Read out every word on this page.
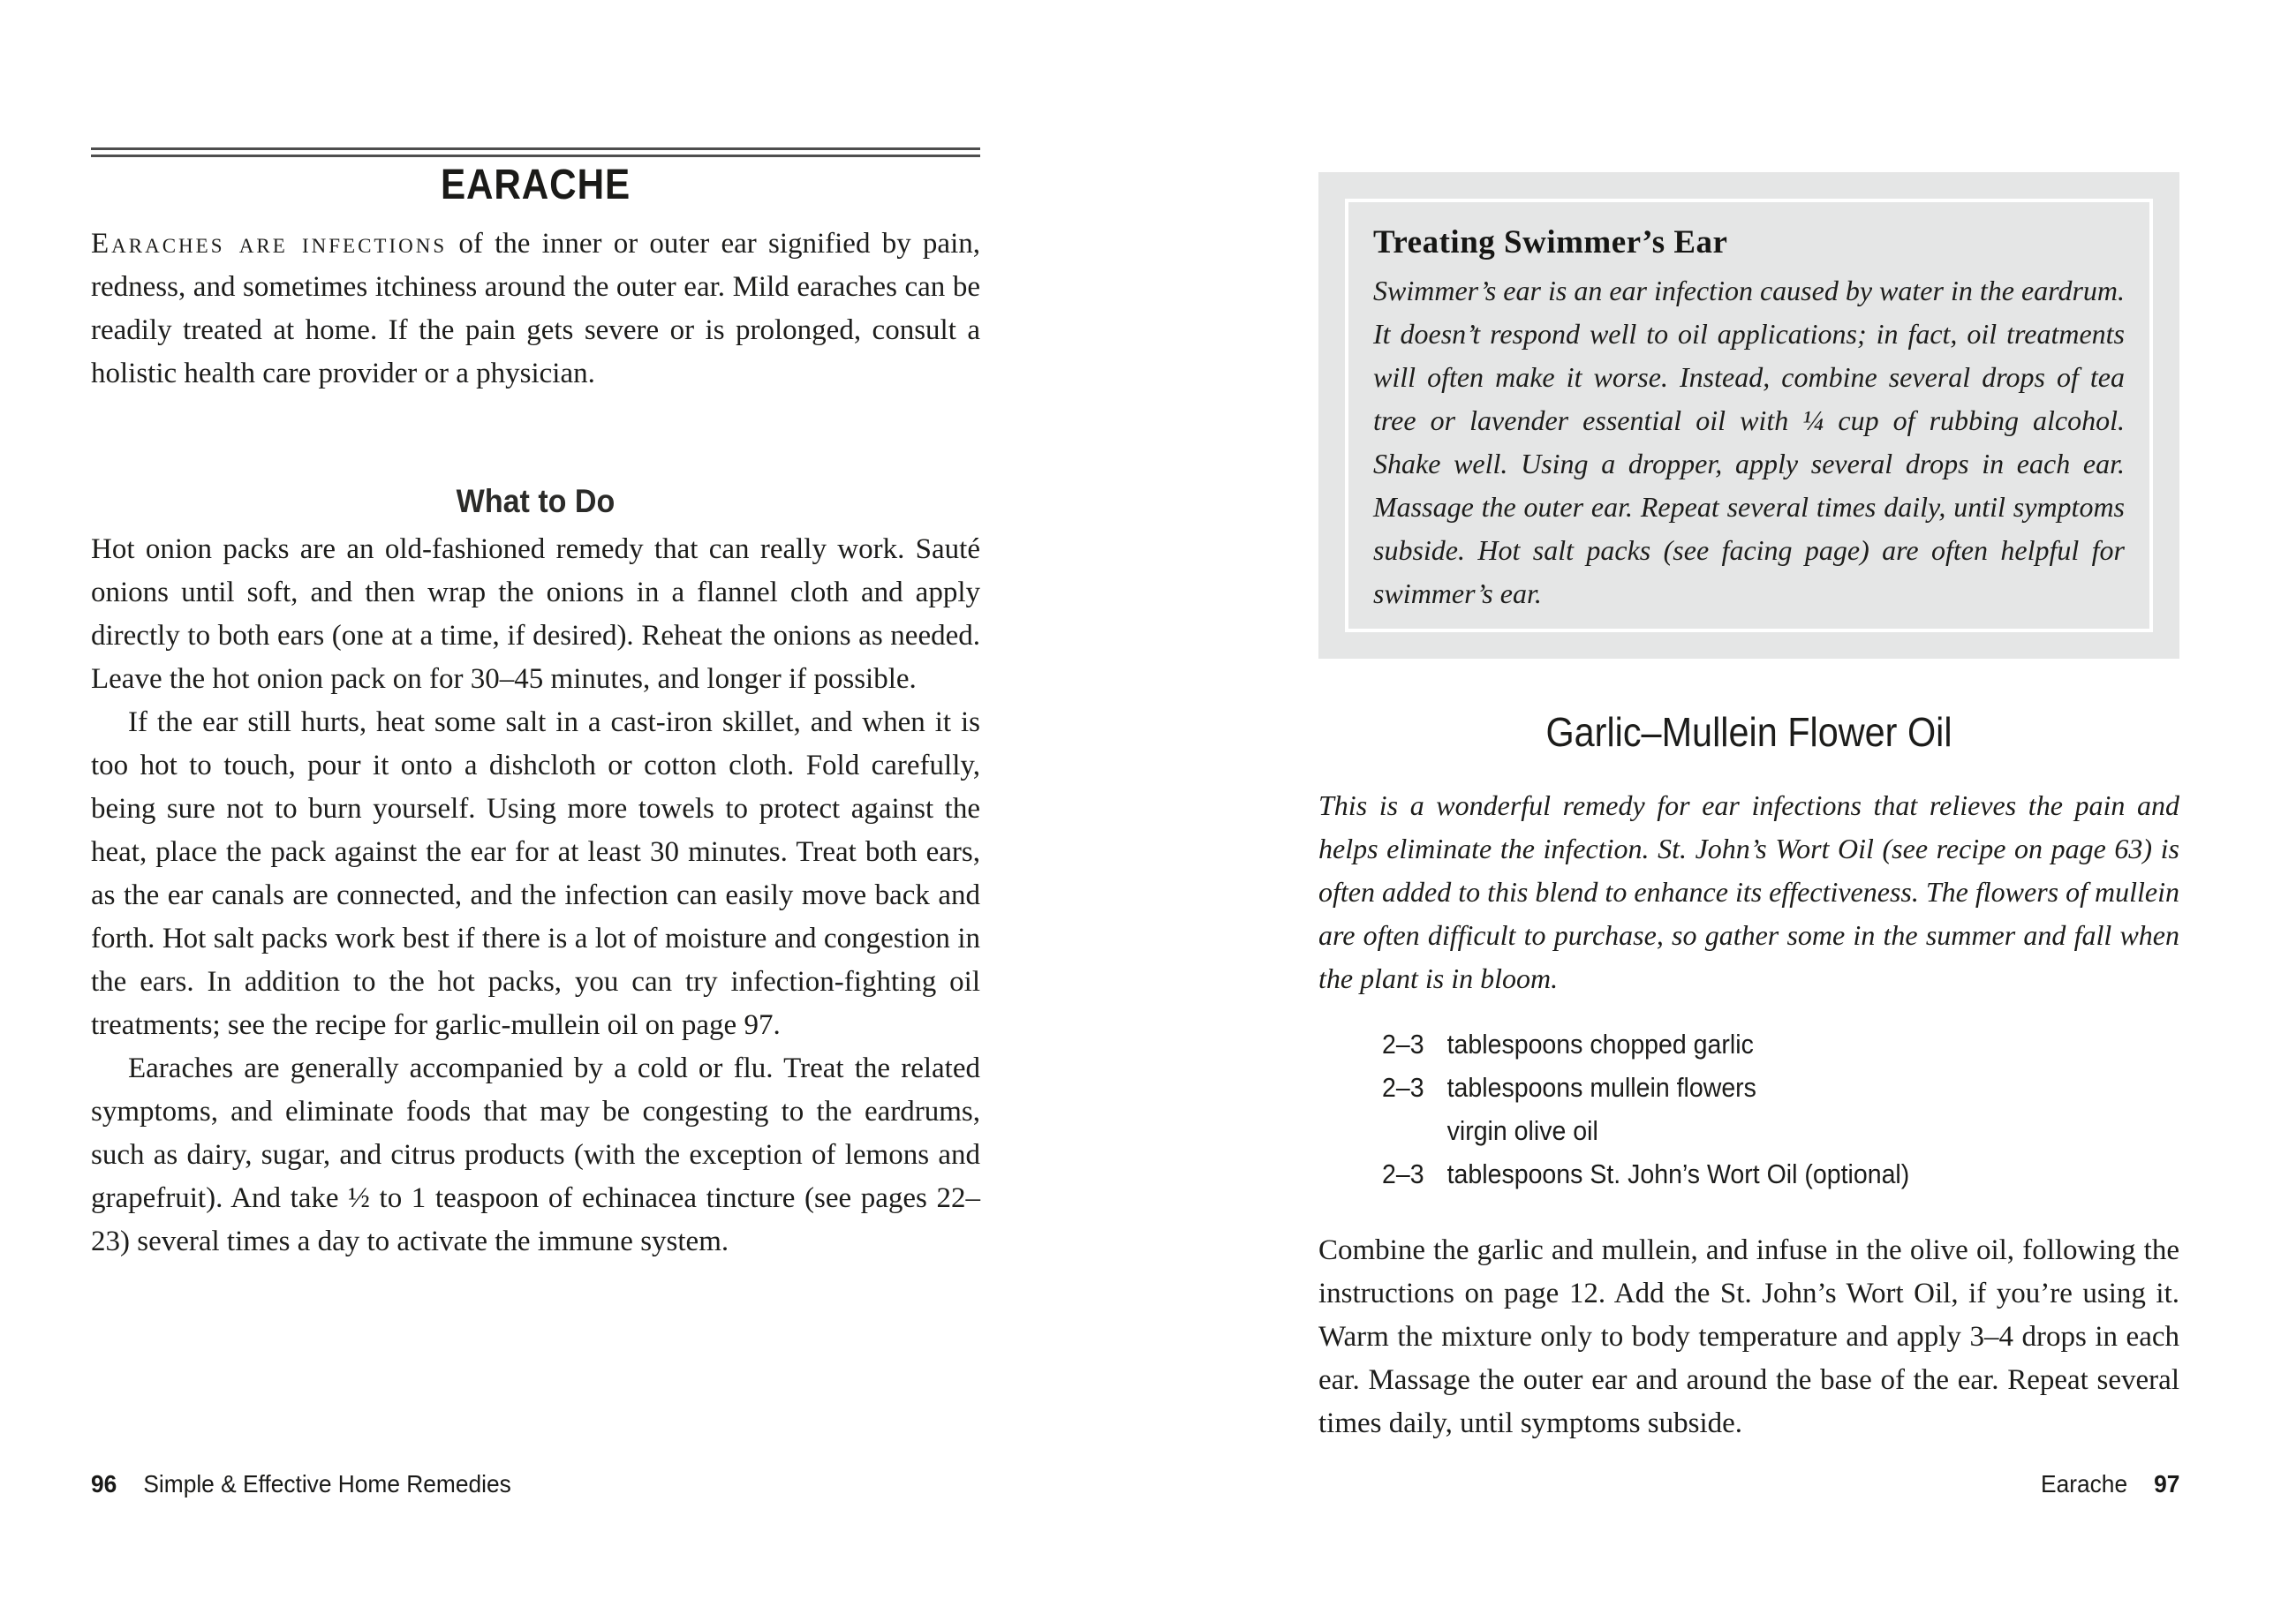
EARACHE

Earaches are infections of the inner or outer ear signified by pain, redness, and sometimes itchiness around the outer ear. Mild earaches can be readily treated at home. If the pain gets severe or is prolonged, consult a holistic health care provider or a physician.

What to Do

Hot onion packs are an old-fashioned remedy that can really work. Sauté onions until soft, and then wrap the onions in a flannel cloth and apply directly to both ears (one at a time, if desired). Reheat the onions as needed. Leave the hot onion pack on for 30–45 minutes, and longer if possible.

If the ear still hurts, heat some salt in a cast-iron skillet, and when it is too hot to touch, pour it onto a dishcloth or cotton cloth. Fold carefully, being sure not to burn yourself. Using more towels to protect against the heat, place the pack against the ear for at least 30 minutes. Treat both ears, as the ear canals are connected, and the infection can easily move back and forth. Hot salt packs work best if there is a lot of moisture and congestion in the ears. In addition to the hot packs, you can try infection-fighting oil treatments; see the recipe for garlic-mullein oil on page 97.

Earaches are generally accompanied by a cold or flu. Treat the related symptoms, and eliminate foods that may be congesting to the eardrums, such as dairy, sugar, and citrus products (with the exception of lemons and grapefruit). And take ½ to 1 teaspoon of echinacea tincture (see pages 22–23) several times a day to activate the immune system.

96 Simple & Effective Home Remedies
Treating Swimmer’s Ear

Swimmer’s ear is an ear infection caused by water in the eardrum. It doesn’t respond well to oil applications; in fact, oil treatments will often make it worse. Instead, combine several drops of tea tree or lavender essential oil with ¼ cup of rubbing alcohol. Shake well. Using a dropper, apply several drops in each ear. Massage the outer ear. Repeat several times daily, until symptoms subside. Hot salt packs (see facing page) are often helpful for swimmer’s ear.

Garlic–Mullein Flower Oil

This is a wonderful remedy for ear infections that relieves the pain and helps eliminate the infection. St. John’s Wort Oil (see recipe on page 63) is often added to this blend to enhance its effectiveness. The flowers of mullein are often difficult to purchase, so gather some in the summer and fall when the plant is in bloom.

2–3 tablespoons chopped garlic
2–3 tablespoons mullein flowers
virgin olive oil
2–3 tablespoons St. John’s Wort Oil (optional)

Combine the garlic and mullein, and infuse in the olive oil, following the instructions on page 12. Add the St. John’s Wort Oil, if you’re using it. Warm the mixture only to body temperature and apply 3–4 drops in each ear. Massage the outer ear and around the base of the ear. Repeat several times daily, until symptoms subside.

Earache 97
